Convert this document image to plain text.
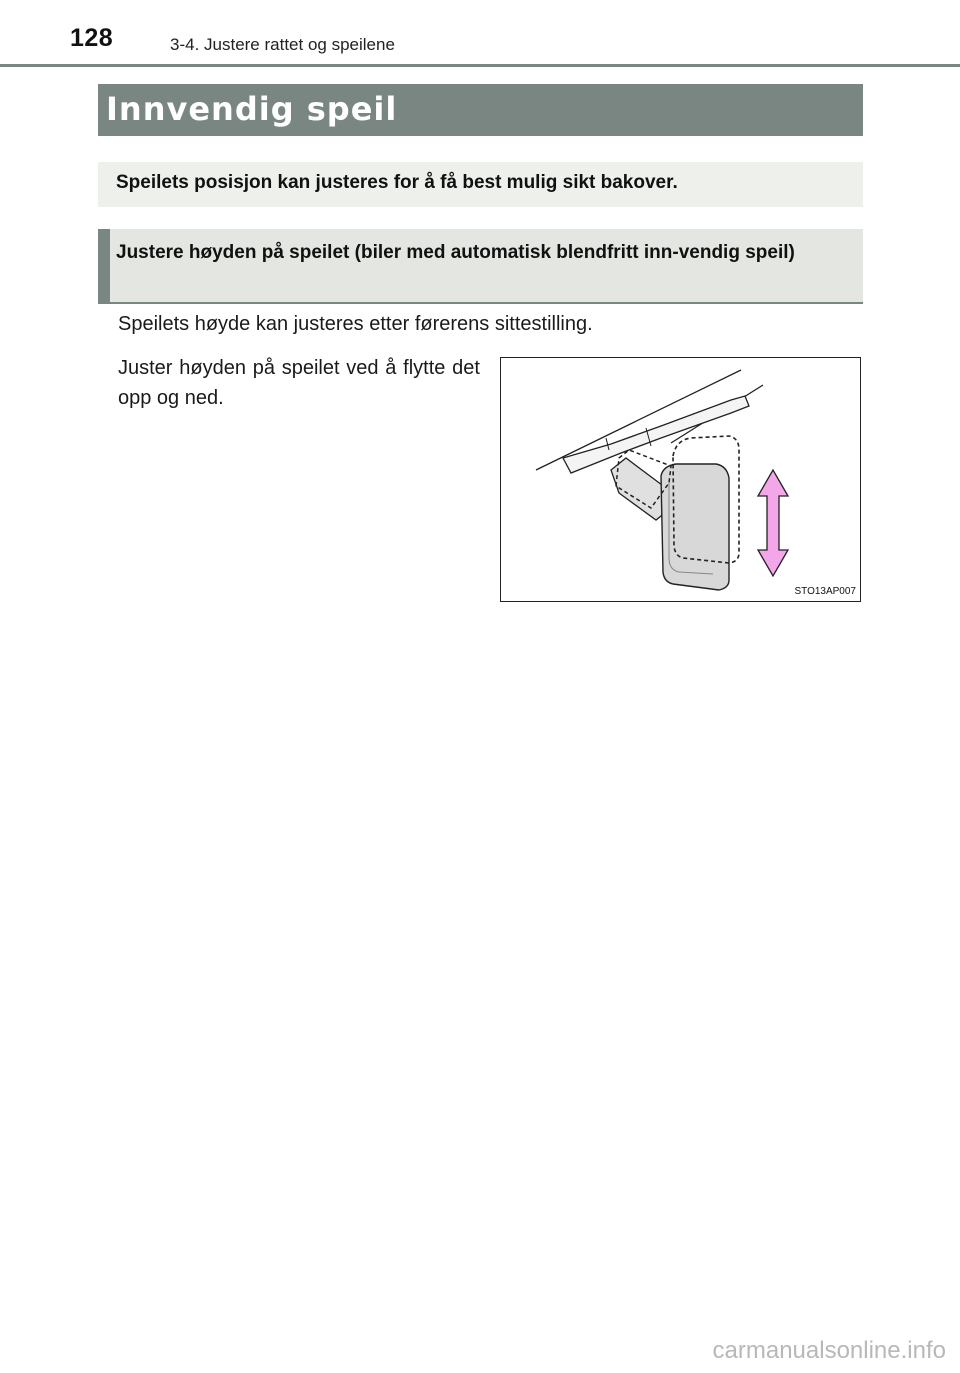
128	3-4. Justere rattet og speilene
Innvendig speil
Speilets posisjon kan justeres for å få best mulig sikt bakover.
Justere høyden på speilet (biler med automatisk blendfritt inn-vendig speil)
Speilets høyde kan justeres etter førerens sittestilling.
Juster høyden på speilet ved å flytte det opp og ned.
STO13AP007
carmanualsonline.info
